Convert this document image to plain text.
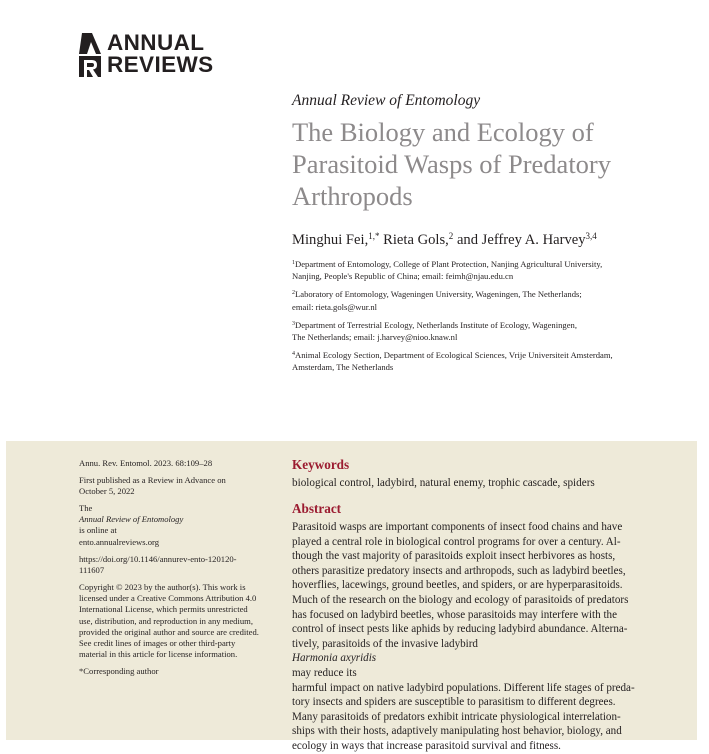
ANNUAL
REVIEWS
Annual Review of Entomology
The Biology and Ecology of
Parasitoid Wasps of Predatory
Arthropods
Minghui Fei,$^{1,*}$ Rieta Gols,$^2$ and Jeffrey A. Harvey$^{3,4}$
$^1$Department of Entomology, College of Plant Protection, Nanjing Agricultural University,
Nanjing, People's Republic of China; email: feimh@njau.edu.cn
$^2$Laboratory of Entomology, Wageningen University, Wageningen, The Netherlands;
email: rieta.gols@wur.nl
$^3$Department of Terrestrial Ecology, Netherlands Institute of Ecology, Wageningen,
The Netherlands; email: j.harvey@nioo.knaw.nl
$^4$Animal Ecology Section, Department of Ecological Sciences, Vrije Universiteit Amsterdam,
Amsterdam, The Netherlands
Annu. Rev. Entomol. 2023. 68:109–28
First published as a Review in Advance on
October 5, 2022
The
Annual Review of Entomology
is online at
ento.annualreviews.org
https://doi.org/10.1146/annurev-ento-120120-
111607
Copyright © 2023 by the author(s). This work is
licensed under a Creative Commons Attribution 4.0
International License, which permits unrestricted
use, distribution, and reproduction in any medium,
provided the original author and source are credited.
See credit lines of images or other third-party
material in this article for license information.
*Corresponding author
Keywords
biological control, ladybird, natural enemy, trophic cascade, spiders
Abstract
Parasitoid wasps are important components of insect food chains and have
played a central role in biological control programs for over a century. Al-
though the vast majority of parasitoids exploit insect herbivores as hosts,
others parasitize predatory insects and arthropods, such as ladybird beetles,
hoverflies, lacewings, ground beetles, and spiders, or are hyperparasitoids.
Much of the research on the biology and ecology of parasitoids of predators
has focused on ladybird beetles, whose parasitoids may interfere with the
control of insect pests like aphids by reducing ladybird abundance. Alterna-
tively, parasitoids of the invasive ladybird
Harmonia axyridis
may reduce its
harmful impact on native ladybird populations. Different life stages of preda-
tory insects and spiders are susceptible to parasitism to different degrees.
Many parasitoids of predators exhibit intricate physiological interrelation-
ships with their hosts, adaptively manipulating host behavior, biology, and
ecology in ways that increase parasitoid survival and fitness.
